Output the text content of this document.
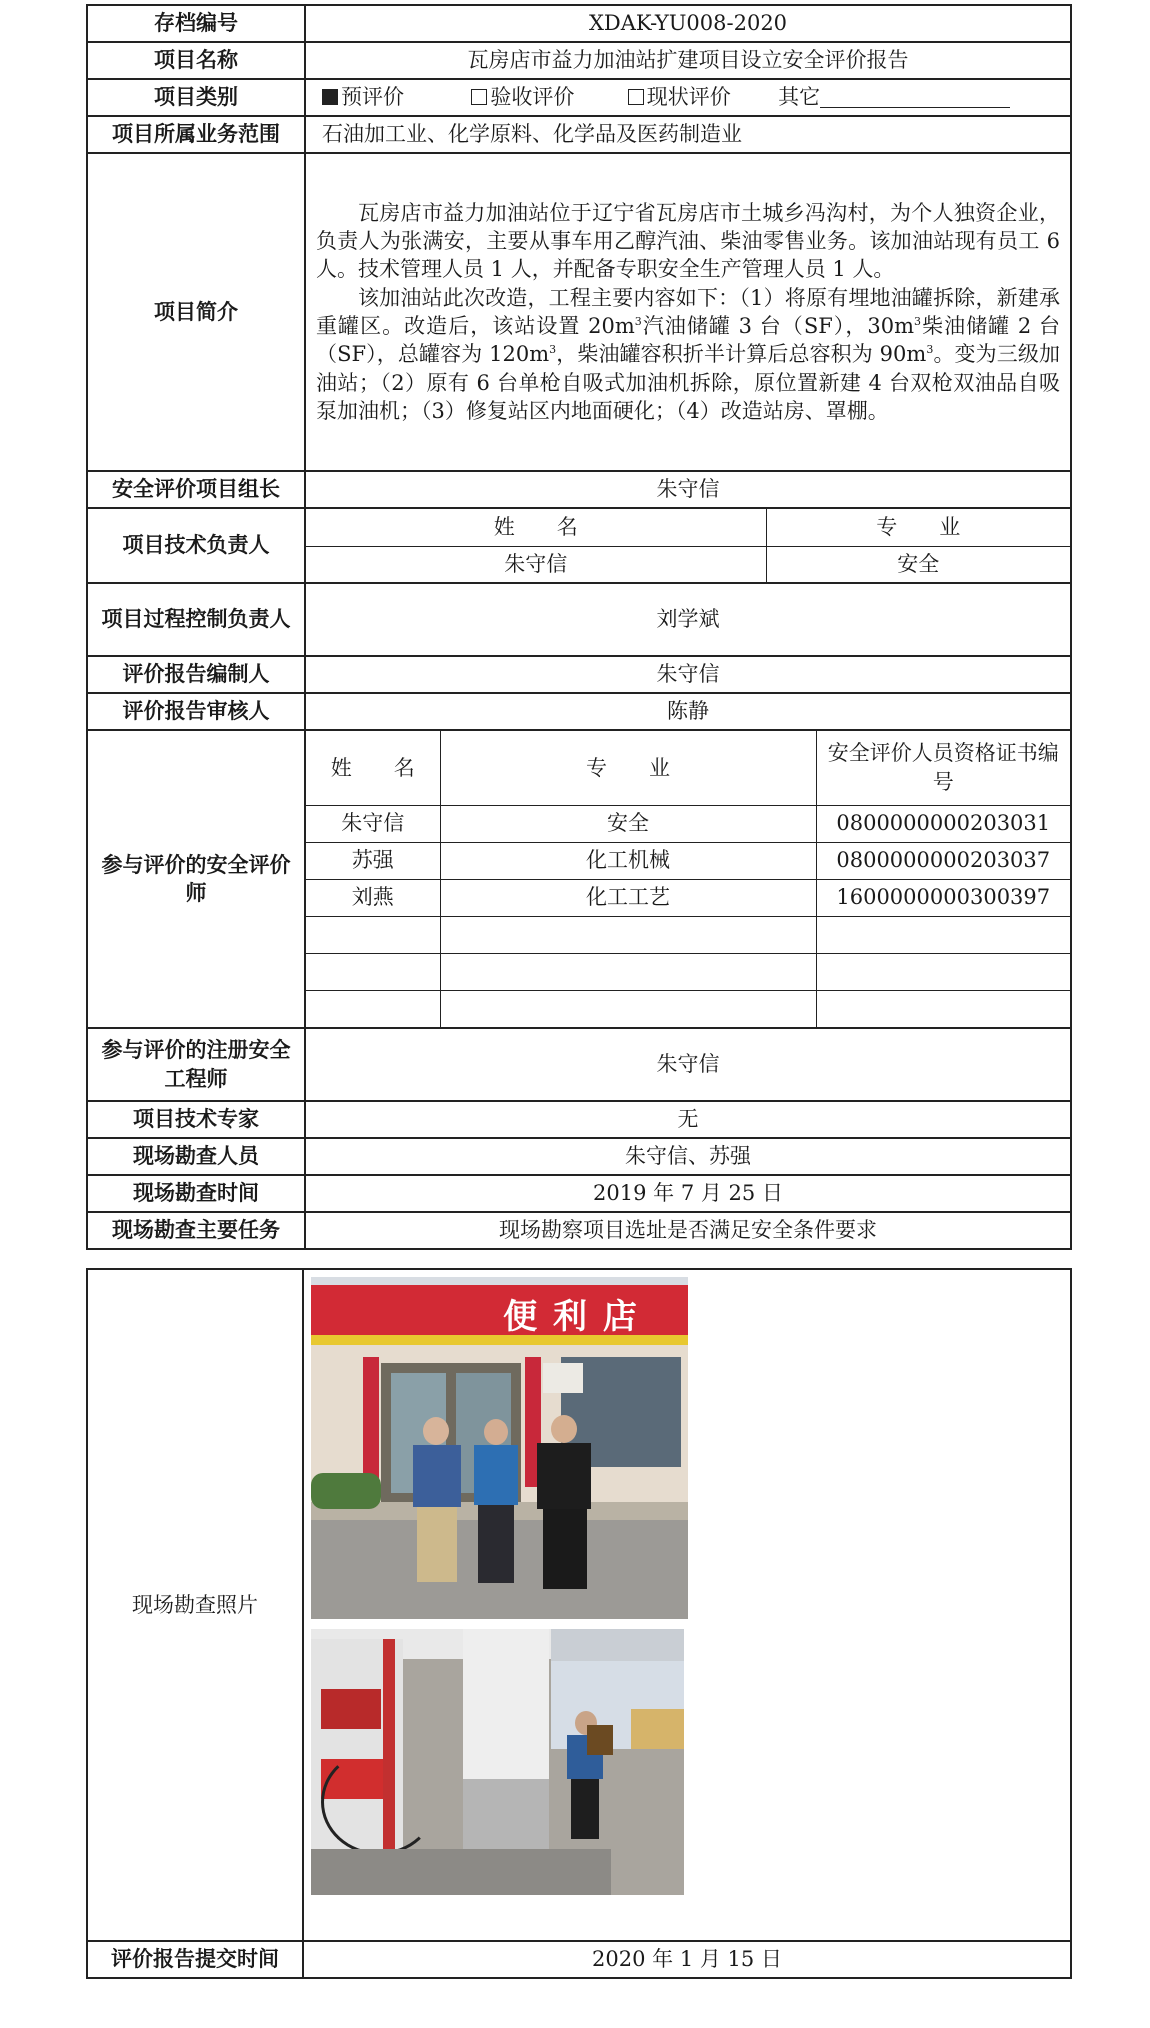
存档编号	XDAK-YU008-2020
项目名称	瓦房店市益力加油站扩建项目设立安全评价报告
项目类别	预评价	验收评价	现状评价 其它
项目所属业务范围	石油加工业、化学原料、化学品及医药制造业
项目简介	

瓦房店市益力加油站位于辽宁省瓦房店市土城乡冯沟村，为个人独资企业，负责人为张满安，主要从事车用乙醇汽油、柴油零售业务。该加油站现有员工 6 人。技术管理人员 1 人，并配备专职安全生产管理人员 1 人。

该加油站此次改造，工程主要内容如下：（1）将原有埋地油罐拆除，新建承重罐区。改造后，该站设置 $20m^3$汽油储罐 3 台（SF），$30m^3$柴油储罐 2 台（SF），总罐容为 $120m^3$，柴油罐容积折半计算后总容积为 $90m^3$。变为三级加油站；（2）原有 6 台单枪自吸式加油机拆除，原位置新建 4 台双枪双油品自吸泵加油机；（3）修复站区内地面硬化；（4）改造站房、罩棚。

安全评价项目组长	朱守信
项目技术负责人	
姓　　名	专　　业
朱守信	安全

项目过程控制负责人	刘学斌
评价报告编制人	朱守信
评价报告审核人	陈静
参与评价的安全评价师	
姓　　名	专　　业	安全评价人员资格证书编号
朱守信	安全	0800000000203031
苏强	化工机械	0800000000203037
刘燕	化工工艺	1600000000300397

参与评价的注册安全工程师	朱守信
项目技术专家	无
现场勘查人员	朱守信、苏强
现场勘查时间	2019 年 7 月 25 日
现场勘查主要任务	现场勘察项目选址是否满足安全条件要求
现场勘查照片	
评价报告提交时间	2020 年 1 月 15 日
便 利 店
